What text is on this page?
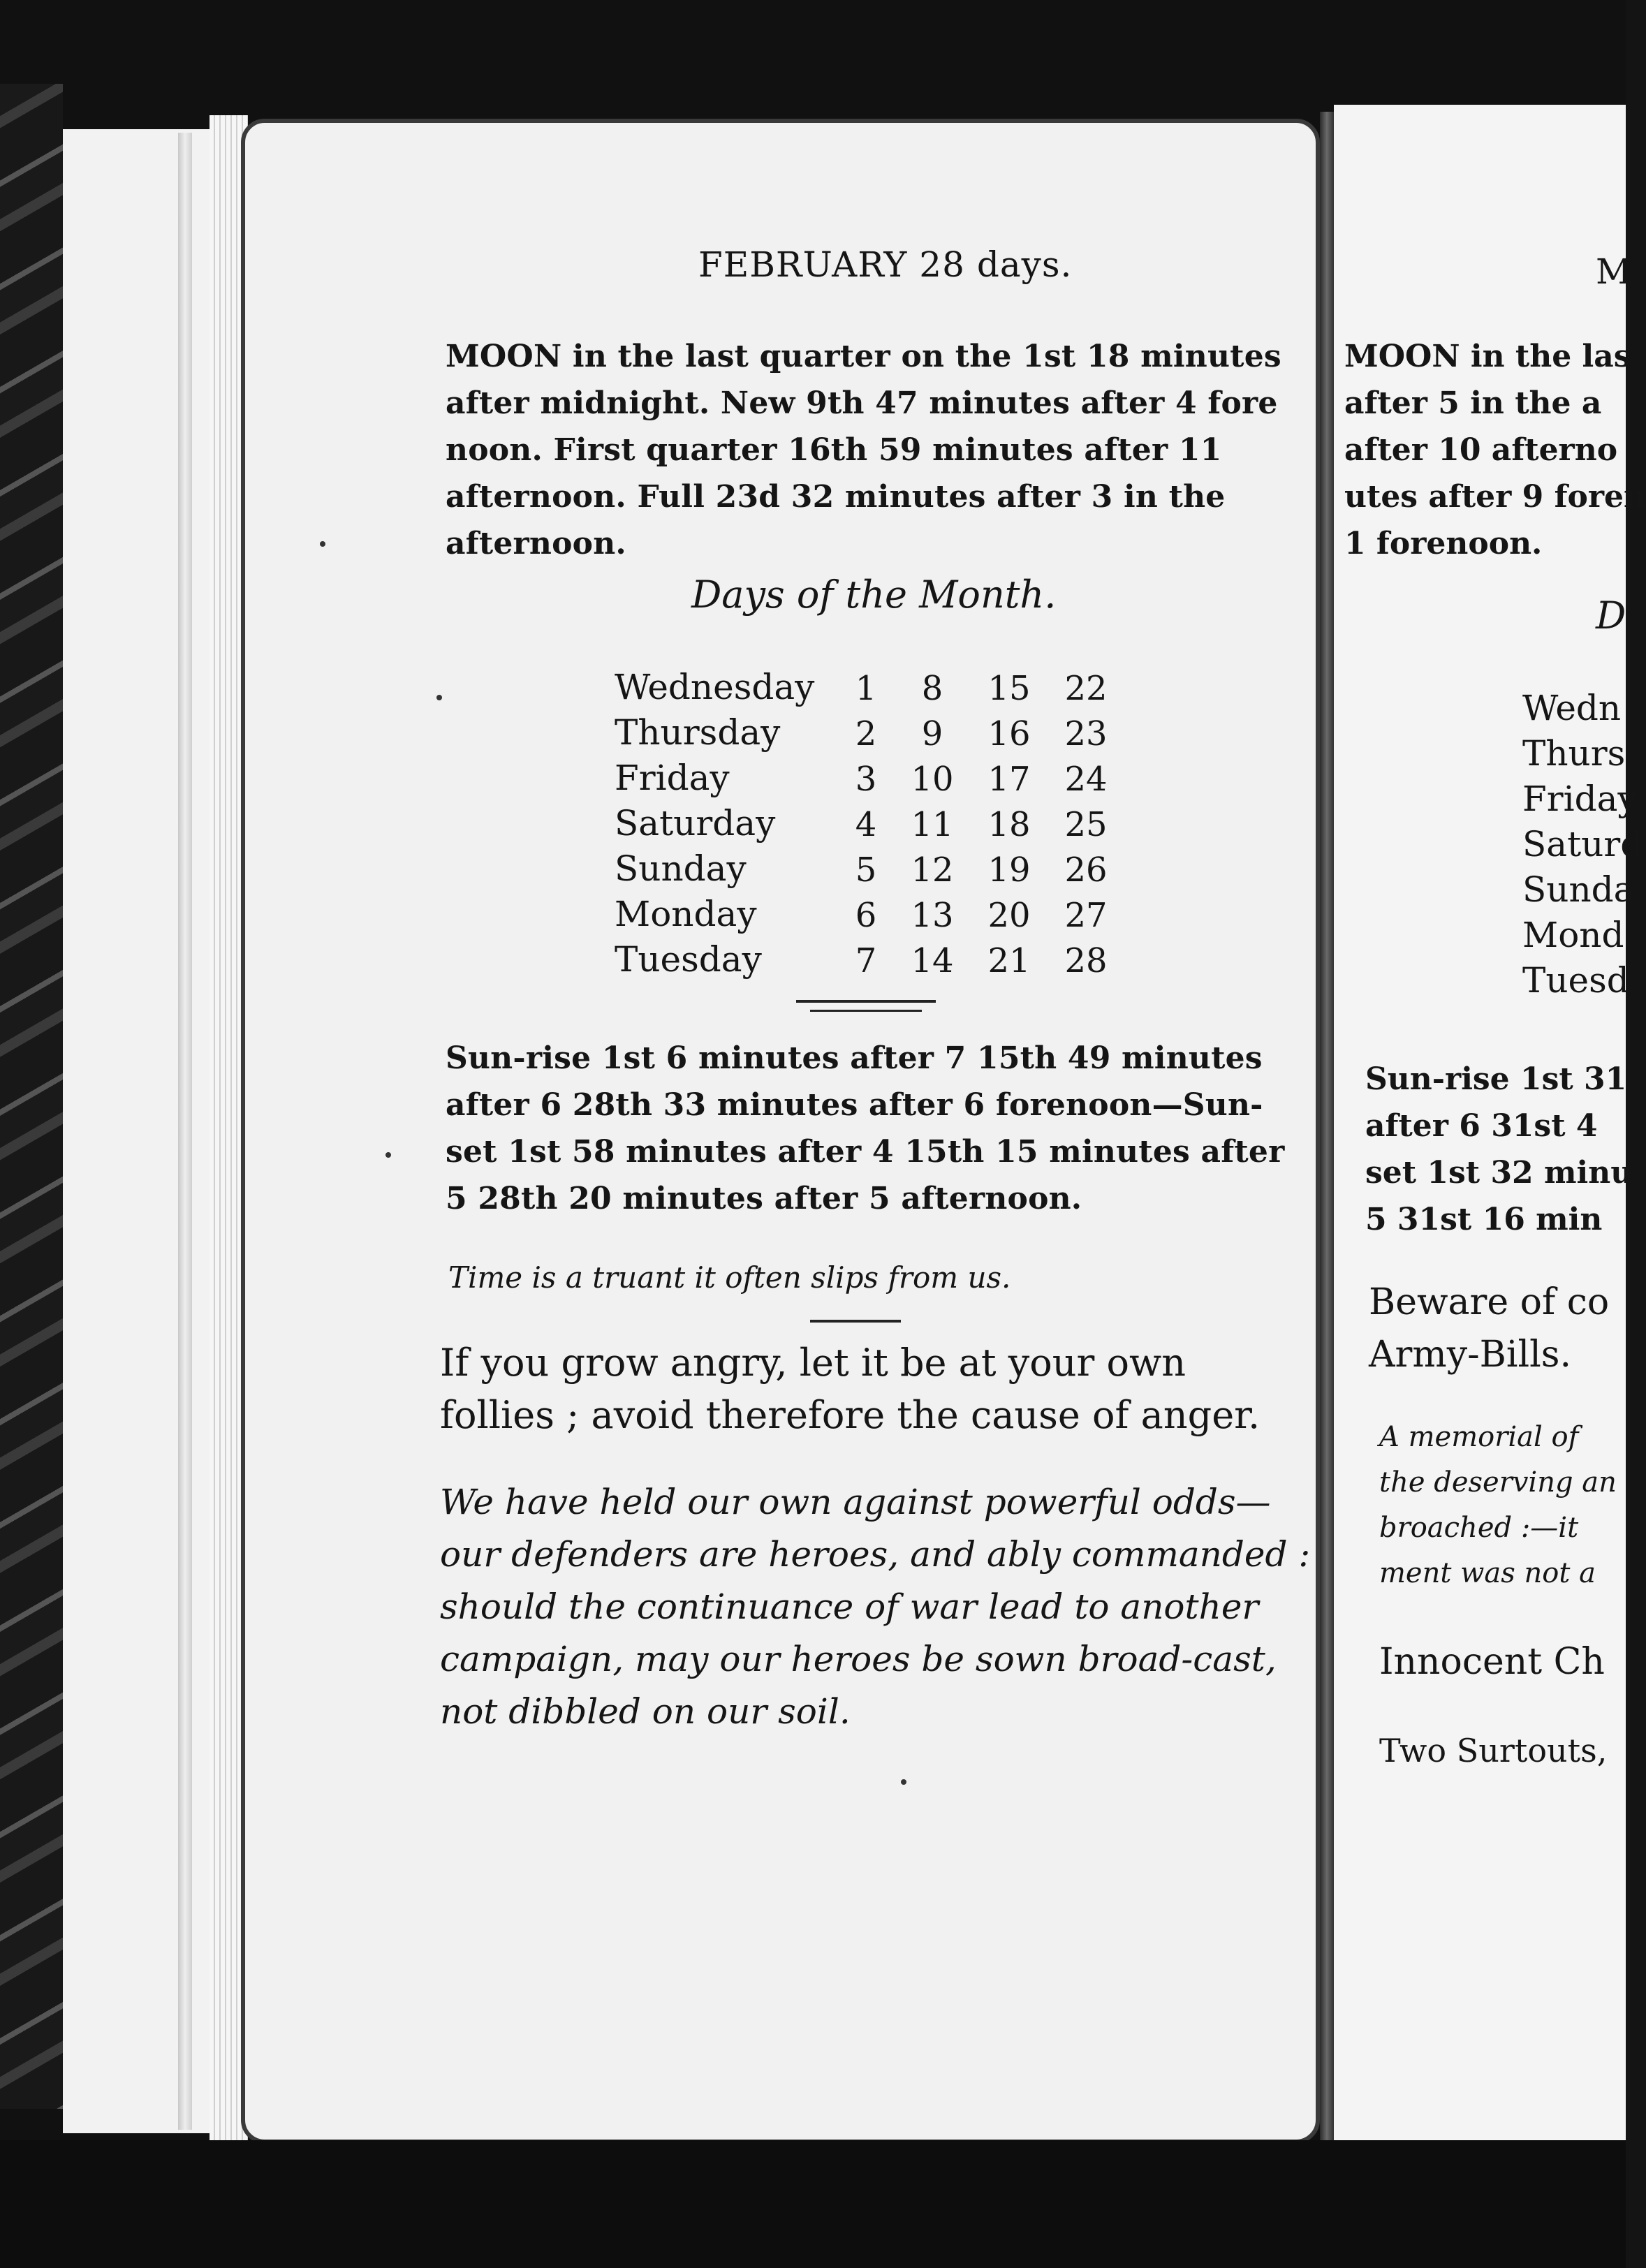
FEBRUARY 28 days.

MOON in the last quarter on the 1st 18 minutes

after midnight. New 9th 47 minutes after 4 fore

noon. First quarter 16th 59 minutes after 11

afternoon. Full 23d 32 minutes after 3 in the

afternoon.

Days of the Month.

Wednesday	1	8	15	22

Thursday	2	9	16	23

Friday	3	10	17	24

Saturday	4	11	18	25

Sunday	5	12	19	26

Monday	6	13	20	27

Tuesday	7	14	21	28

Sun-rise 1st 6 minutes after 7 15th 49 minutes

after 6 28th 33 minutes after 6 forenoon—Sun-

set 1st 58 minutes after 4 15th 15 minutes after

5 28th 20 minutes after 5 afternoon.

Time is a truant it often slips from us.

If you grow angry, let it be at your own

follies ; avoid therefore the cause of anger.

We have held our own against powerful odds—

our defenders are heroes, and ably commanded :

should the continuance of war lead to another

campaign, may our heroes be sown broad-cast,

not dibbled on our soil.

M

MOON in the las

after 5 in the a

after 10 afterno

utes after 9 foren

1 forenoon.

D

Wedn

Thurs

Friday

Saturd

Sunda

Mond

Tuesd

Sun-rise 1st 31

after 6 31st 4

set 1st 32 minu

5 31st 16 min

Beware of co

Army-Bills.

A memorial of

the deserving an

broached :—it

ment was not a

Innocent Ch

Two Surtouts,
